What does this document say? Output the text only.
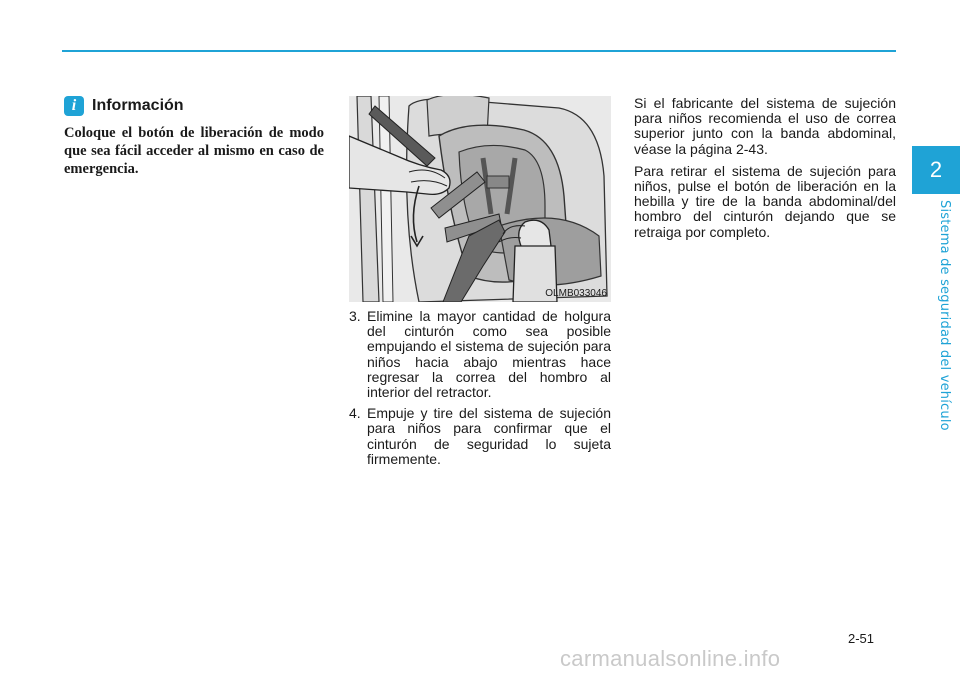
2
Sistema de seguridad del vehículo
i Información

Coloque el botón de liberación de modo que sea fácil acceder al mismo en caso de emergencia.

OLMB033046
3. Elimine la mayor cantidad de holgura del cinturón como sea posible empujando el sistema de sujeción para niños hacia abajo mientras hace regresar la correa del hombro al interior del retractor.
4. Empuje y tire del sistema de sujeción para niños para confirmar que el cinturón de seguridad lo sujeta firmemente.

Si el fabricante del sistema de sujeción para niños recomienda el uso de correa superior junto con la banda abdominal, véase la página 2-43.

Para retirar el sistema de sujeción para niños, pulse el botón de liberación en la hebilla y tire de la banda abdominal/del hombro del cinturón dejando que se retraiga por completo.

2-51
carmanualsonline.info
